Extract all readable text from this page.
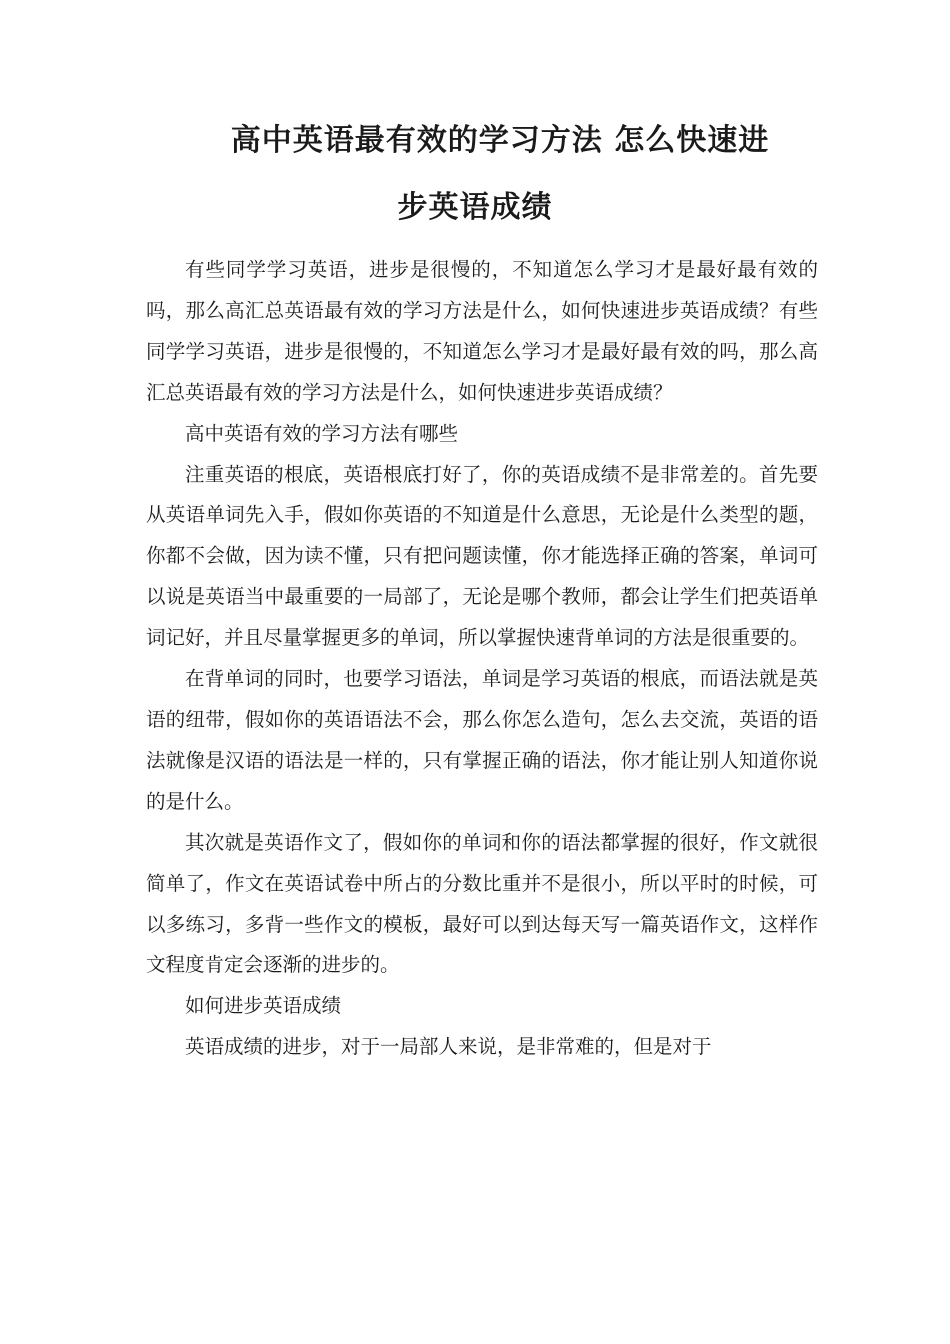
高中英语最有效的学习方法 怎么快速进
步英语成绩

有些同学学习英语，进步是很慢的，不知道怎么学习才是最好最有效的吗，那么高汇总英语最有效的学习方法是什么，如何快速进步英语成绩？有些同学学习英语，进步是很慢的，不知道怎么学习才是最好最有效的吗，那么高汇总英语最有效的学习方法是什么，如何快速进步英语成绩？

高中英语有效的学习方法有哪些

注重英语的根底，英语根底打好了，你的英语成绩不是非常差的。首先要从英语单词先入手，假如你英语的不知道是什么意思，无论是什么类型的题，你都不会做，因为读不懂，只有把问题读懂，你才能选择正确的答案，单词可以说是英语当中最重要的一局部了，无论是哪个教师，都会让学生们把英语单词记好，并且尽量掌握更多的单词，所以掌握快速背单词的方法是很重要的。

在背单词的同时，也要学习语法，单词是学习英语的根底，而语法就是英语的纽带，假如你的英语语法不会，那么你怎么造句，怎么去交流，英语的语法就像是汉语的语法是一样的，只有掌握正确的语法，你才能让别人知道你说的是什么。

其次就是英语作文了，假如你的单词和你的语法都掌握的很好，作文就很简单了，作文在英语试卷中所占的分数比重并不是很小，所以平时的时候，可以多练习，多背一些作文的模板，最好可以到达每天写一篇英语作文，这样作文程度肯定会逐渐的进步的。

如何进步英语成绩

英语成绩的进步，对于一局部人来说，是非常难的，但是对于
